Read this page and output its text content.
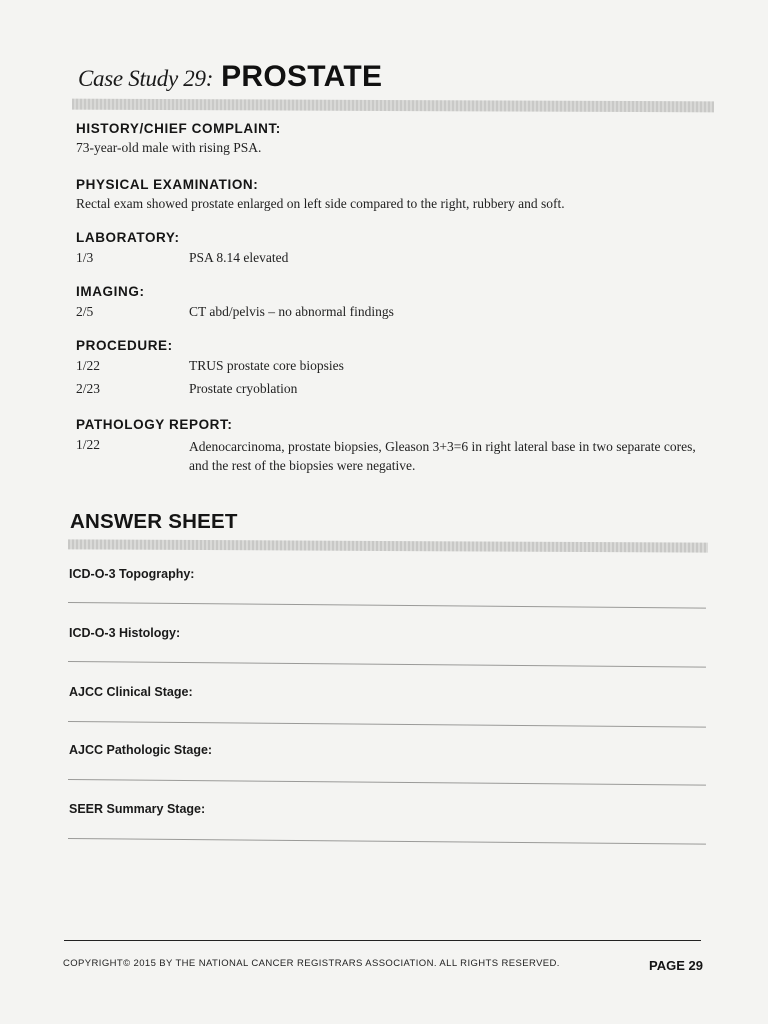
Case Study 29: PROSTATE
HISTORY/CHIEF COMPLAINT:
73-year-old male with rising PSA.
PHYSICAL EXAMINATION:
Rectal exam showed prostate enlarged on left side compared to the right, rubbery and soft.
LABORATORY:
1/3	PSA 8.14 elevated
IMAGING:
2/5	CT abd/pelvis – no abnormal findings
PROCEDURE:
1/22	TRUS prostate core biopsies
2/23	Prostate cryoblation
PATHOLOGY REPORT:
1/22	Adenocarcinoma, prostate biopsies, Gleason 3+3=6 in right lateral base in two separate cores, and the rest of the biopsies were negative.
ANSWER SHEET
ICD-O-3 Topography:
ICD-O-3 Histology:
AJCC Clinical Stage:
AJCC Pathologic Stage:
SEER Summary Stage:
COPYRIGHT© 2015 BY THE NATIONAL CANCER REGISTRARS ASSOCIATION. ALL RIGHTS RESERVED.	PAGE 29
